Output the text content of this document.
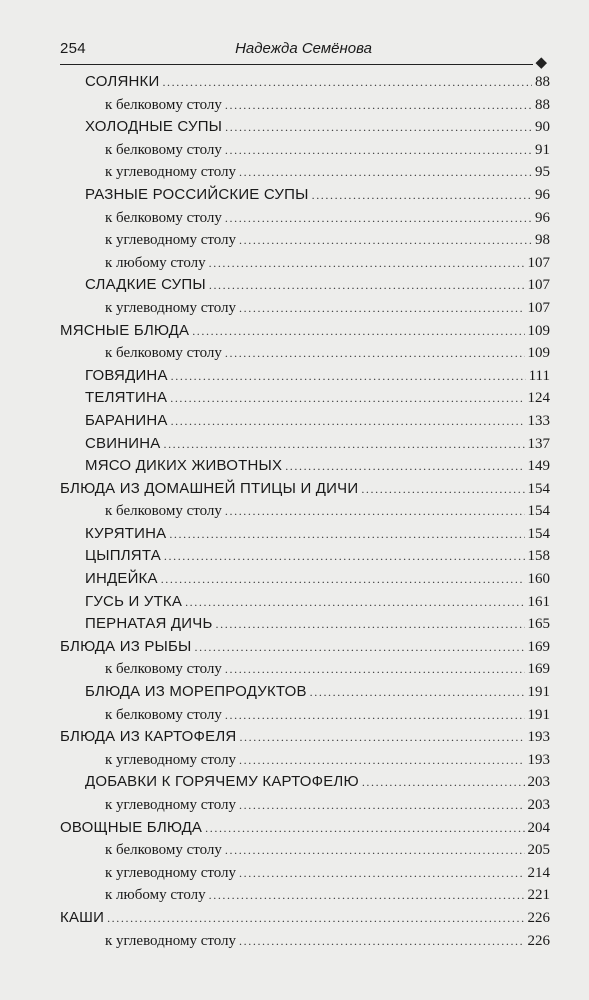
254	Надежда Семёнова
◆
СОЛЯНКИ .....	88
к белковому столу .....	88
ХОЛОДНЫЕ СУПЫ .....	90
к белковому столу .....	91
к углеводному столу .....	95
РАЗНЫЕ РОССИЙСКИЕ СУПЫ .....	96
к белковому столу .....	96
к углеводному столу .....	98
к любому столу .....	107
СЛАДКИЕ СУПЫ .....	107
к углеводному столу .....	107
МЯСНЫЕ БЛЮДА .....	109
к белковому столу .....	109
ГОВЯДИНА .....	111
ТЕЛЯТИНА .....	124
БАРАНИНА .....	133
СВИНИНА .....	137
МЯСО ДИКИХ ЖИВОТНЫХ .....	149
БЛЮДА ИЗ ДОМАШНЕЙ ПТИЦЫ И ДИЧИ .....	154
к белковому столу .....	154
КУРЯТИНА .....	154
ЦЫПЛЯТА .....	158
ИНДЕЙКА .....	160
ГУСЬ И УТКА .....	161
ПЕРНАТАЯ ДИЧЬ .....	165
БЛЮДА ИЗ РЫБЫ .....	169
к белковому столу .....	169
БЛЮДА ИЗ МОРЕПРОДУКТОВ .....	191
к белковому столу .....	191
БЛЮДА ИЗ КАРТОФЕЛЯ .....	193
к углеводному столу .....	193
ДОБАВКИ К ГОРЯЧЕМУ КАРТОФЕЛЮ .....	203
к углеводному столу .....	203
ОВОЩНЫЕ БЛЮДА .....	204
к белковому столу .....	205
к углеводному столу .....	214
к любому столу .....	221
КАШИ .....	226
к углеводному столу .....	226
